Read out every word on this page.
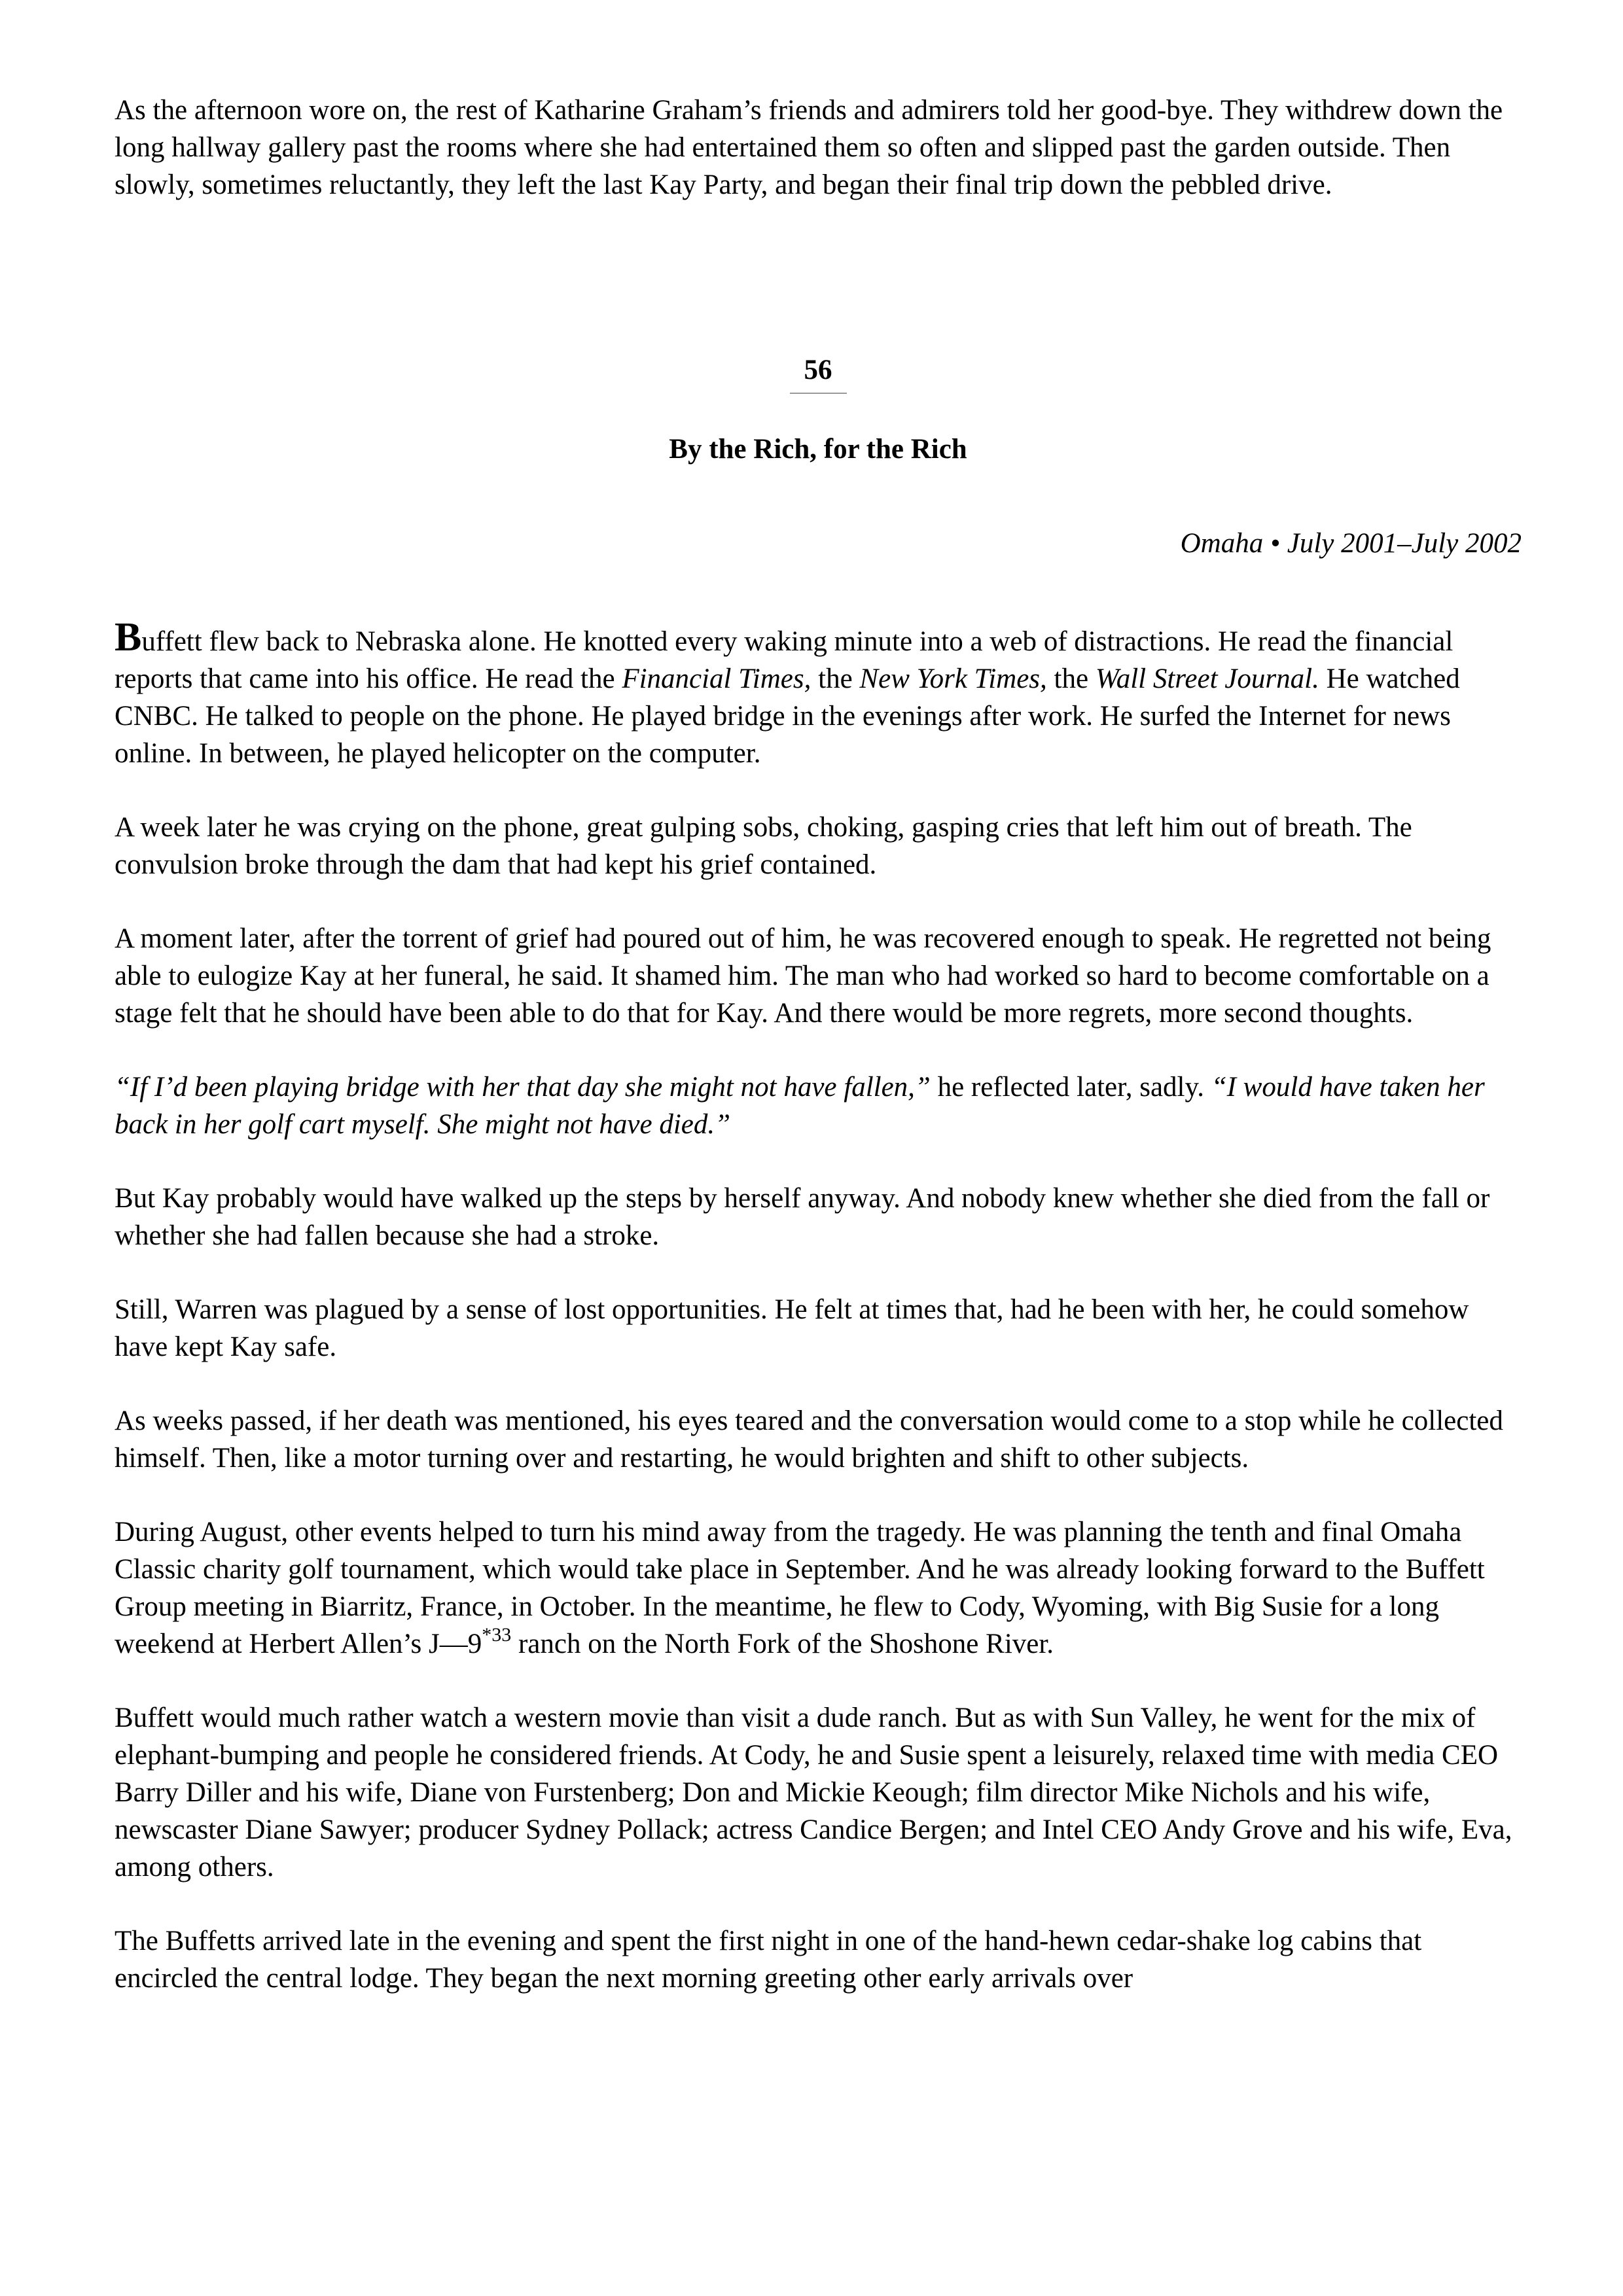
As the afternoon wore on, the rest of Katharine Graham’s friends and admirers told her good-bye. They withdrew down the long hallway gallery past the rooms where she had entertained them so often and slipped past the garden outside. Then slowly, sometimes reluctantly, they left the last Kay Party, and began their final trip down the pebbled drive.

56
By the Rich, for the Rich
Omaha • July 2001–July 2002

Buffett flew back to Nebraska alone. He knotted every waking minute into a web of distractions. He read the financial reports that came into his office. He read the Financial Times, the New York Times, the Wall Street Journal. He watched CNBC. He talked to people on the phone. He played bridge in the evenings after work. He surfed the Internet for news online. In between, he played helicopter on the computer.

A week later he was crying on the phone, great gulping sobs, choking, gasping cries that left him out of breath. The convulsion broke through the dam that had kept his grief contained.

A moment later, after the torrent of grief had poured out of him, he was recovered enough to speak. He regretted not being able to eulogize Kay at her funeral, he said. It shamed him. The man who had worked so hard to become comfortable on a stage felt that he should have been able to do that for Kay. And there would be more regrets, more second thoughts.

“If I’d been playing bridge with her that day she might not have fallen,” he reflected later, sadly. “I would have taken her back in her golf cart myself. She might not have died.”

But Kay probably would have walked up the steps by herself anyway. And nobody knew whether she died from the fall or whether she had fallen because she had a stroke.

Still, Warren was plagued by a sense of lost opportunities. He felt at times that, had he been with her, he could somehow have kept Kay safe.

As weeks passed, if her death was mentioned, his eyes teared and the conversation would come to a stop while he collected himself. Then, like a motor turning over and restarting, he would brighten and shift to other subjects.

During August, other events helped to turn his mind away from the tragedy. He was planning the tenth and final Omaha Classic charity golf tournament, which would take place in September. And he was already looking forward to the Buffett Group meeting in Biarritz, France, in October. In the meantime, he flew to Cody, Wyoming, with Big Susie for a long weekend at Herbert Allen’s J—9$^{*33}$ ranch on the North Fork of the Shoshone River.

Buffett would much rather watch a western movie than visit a dude ranch. But as with Sun Valley, he went for the mix of elephant-bumping and people he considered friends. At Cody, he and Susie spent a leisurely, relaxed time with media CEO Barry Diller and his wife, Diane von Furstenberg; Don and Mickie Keough; film director Mike Nichols and his wife, newscaster Diane Sawyer; producer Sydney Pollack; actress Candice Bergen; and Intel CEO Andy Grove and his wife, Eva, among others.

The Buffetts arrived late in the evening and spent the first night in one of the hand-hewn cedar-shake log cabins that encircled the central lodge. They began the next morning greeting other early arrivals over
